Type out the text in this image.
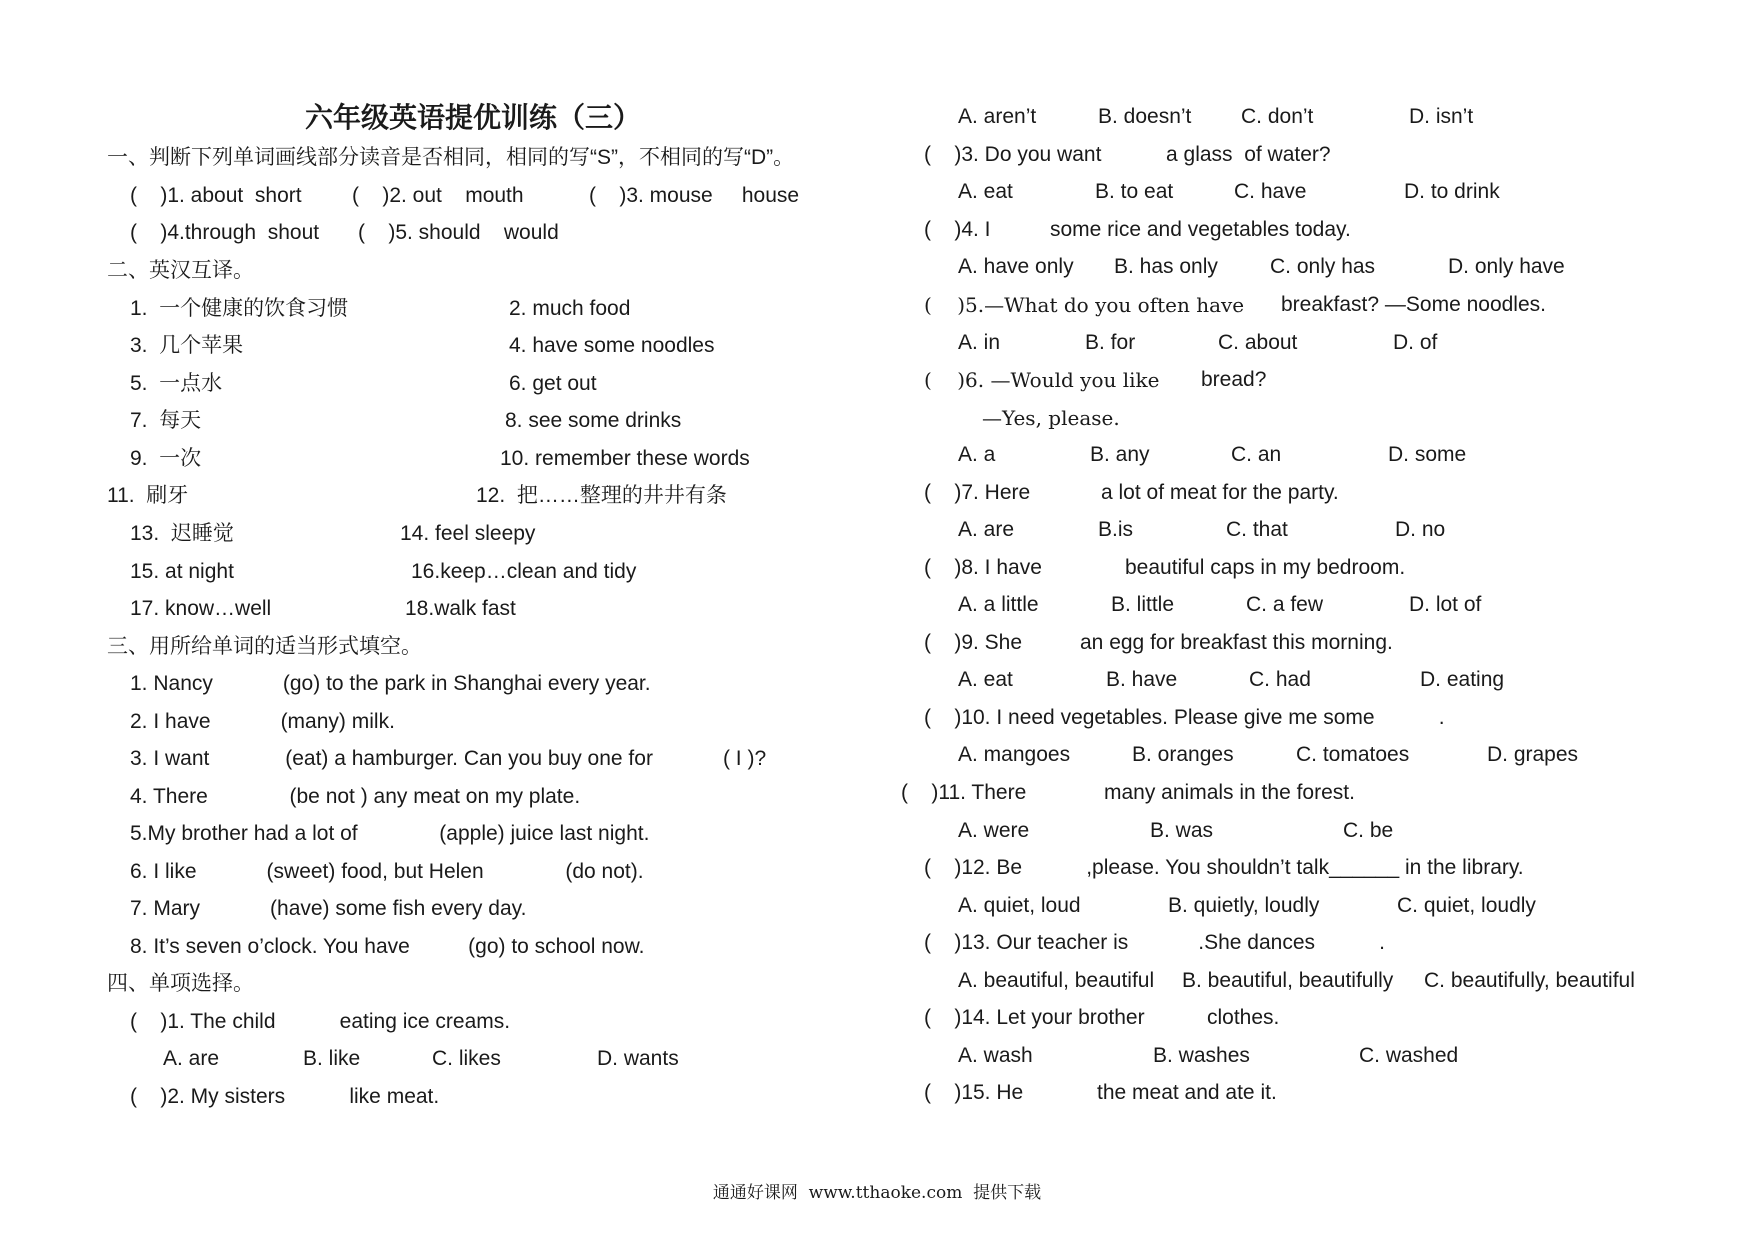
六年级英语提优训练（三）
一、判断下列单词画线部分读音是否相同，相同的写“S”，不相同的写“D”。
(    )1. about  short (    )2. out    mouth	(    )3. mouse     house
(    )4.through  shout (    )5. should    would
二、英汉互译。
1.  一个健康的饮食习惯	2. much food
3.  几个苹果	4. have some noodles
5.  一点水	6. get out
7.  每天	8. see some drinks
9.  一次	10. remember these words
11.  刷牙	12.  把……整理的井井有条
13.  迟睡觉	14. feel sleepy
15. at night	16.keep…clean and tidy
17. know…well	18.walk fast
三、用所给单词的适当形式填空。
1. Nancy            (go) to the park in Shanghai every year.
2. I have            (many) milk.
3. I want             (eat) a hamburger. Can you buy one for            ( I )?
4. There              (be not ) any meat on my plate.
5.My brother had a lot of              (apple) juice last night.
6. I like            (sweet) food, but Helen              (do not).
7. Mary            (have) some fish every day.
8. It’s seven o’clock. You have          (go) to school now.
四、单项选择。
(    )1. The child           eating ice creams.
A. are	B. like	C. likes	D. wants
(    )2. My sisters           like meat.
A. aren’t	B. doesn’t C. don’t	D. isn’t
(    )3. Do you want	a glass  of water?
A. eat	B. to eat	C. have	D. to drink
(    )4. I	some rice and vegetables today.
A. have only B. has only C. only has	D. only have
(    )5.—What do you often have breakfast? —Some noodles.
A. in	B. for	C. about	D. of
(    )6. —Would you like bread?
—Yes, please.
A. a	B. any	C. an	D. some
(    )7. Here	a lot of meat for the party.
A. are	B.is	C. that	D. no
(    )8. I have	beautiful caps in my bedroom.
A. a little	B. little	C. a few	D. lot of
(    )9. She	an egg for breakfast this morning.
A. eat	B. have	C. had	D. eating
(    )10. I need vegetables. Please give me some           .
A. mangoes	B. oranges	C. tomatoes	D. grapes
(    )11. There	many animals in the forest.
A. were	B. was	C. be
(    )12. Be           ,please. You shouldn’t talk______ in the library.
A. quiet, loud	B. quietly, loudly	C. quiet, loudly
(    )13. Our teacher is            .She dances           .
A. beautiful, beautiful B. beautiful, beautifully C. beautifully, beautiful
(    )14. Let your brother	clothes.
A. wash	B. washes	C. washed
(    )15. He	the meat and ate it.
通通好课网  www.tthaoke.com  提供下载
